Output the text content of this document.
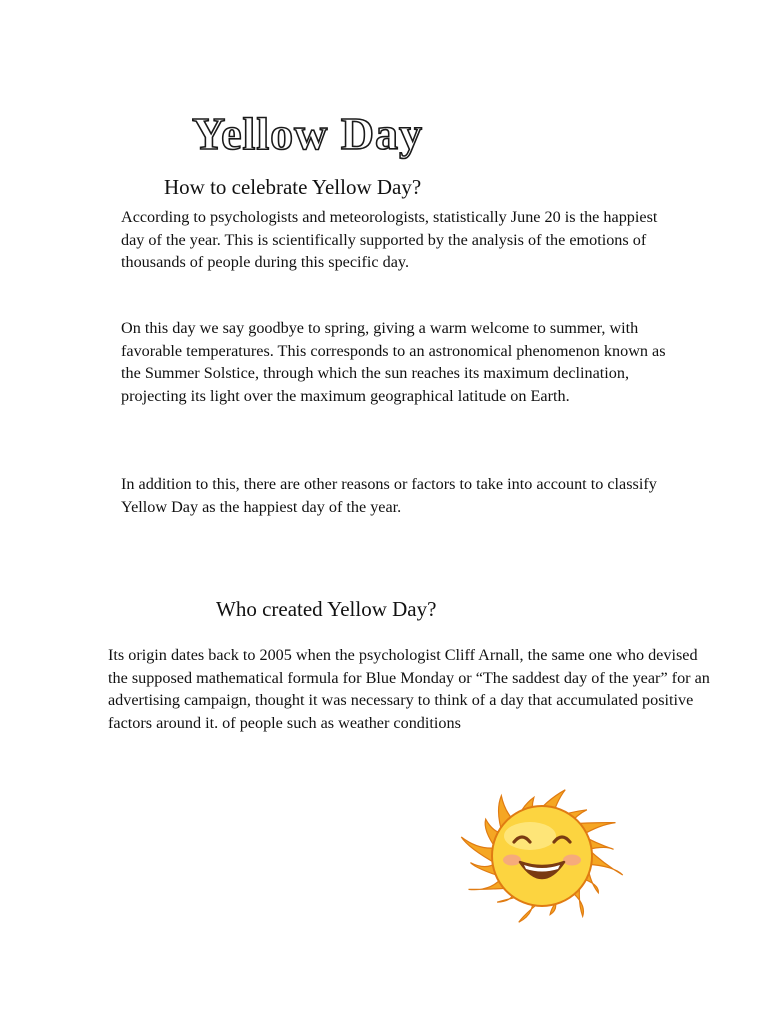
Yellow Day
How to celebrate Yellow Day?

According to psychologists and meteorologists, statistically June 20 is the happiest day of the year. This is scientifically supported by the analysis of the emotions of thousands of people during this specific day.

On this day we say goodbye to spring, giving a warm welcome to summer, with favorable temperatures. This corresponds to an astronomical phenomenon known as the Summer Solstice, through which the sun reaches its maximum declination, projecting its light over the maximum geographical latitude on Earth.

In addition to this, there are other reasons or factors to take into account to classify Yellow Day as the happiest day of the year.

Who created Yellow Day?

Its origin dates back to 2005 when the psychologist Cliff Arnall, the same one who devised the supposed mathematical formula for Blue Monday or “The saddest day of the year” for an advertising campaign, thought it was necessary to think of a day that accumulated positive factors around it. of people such as weather conditions
